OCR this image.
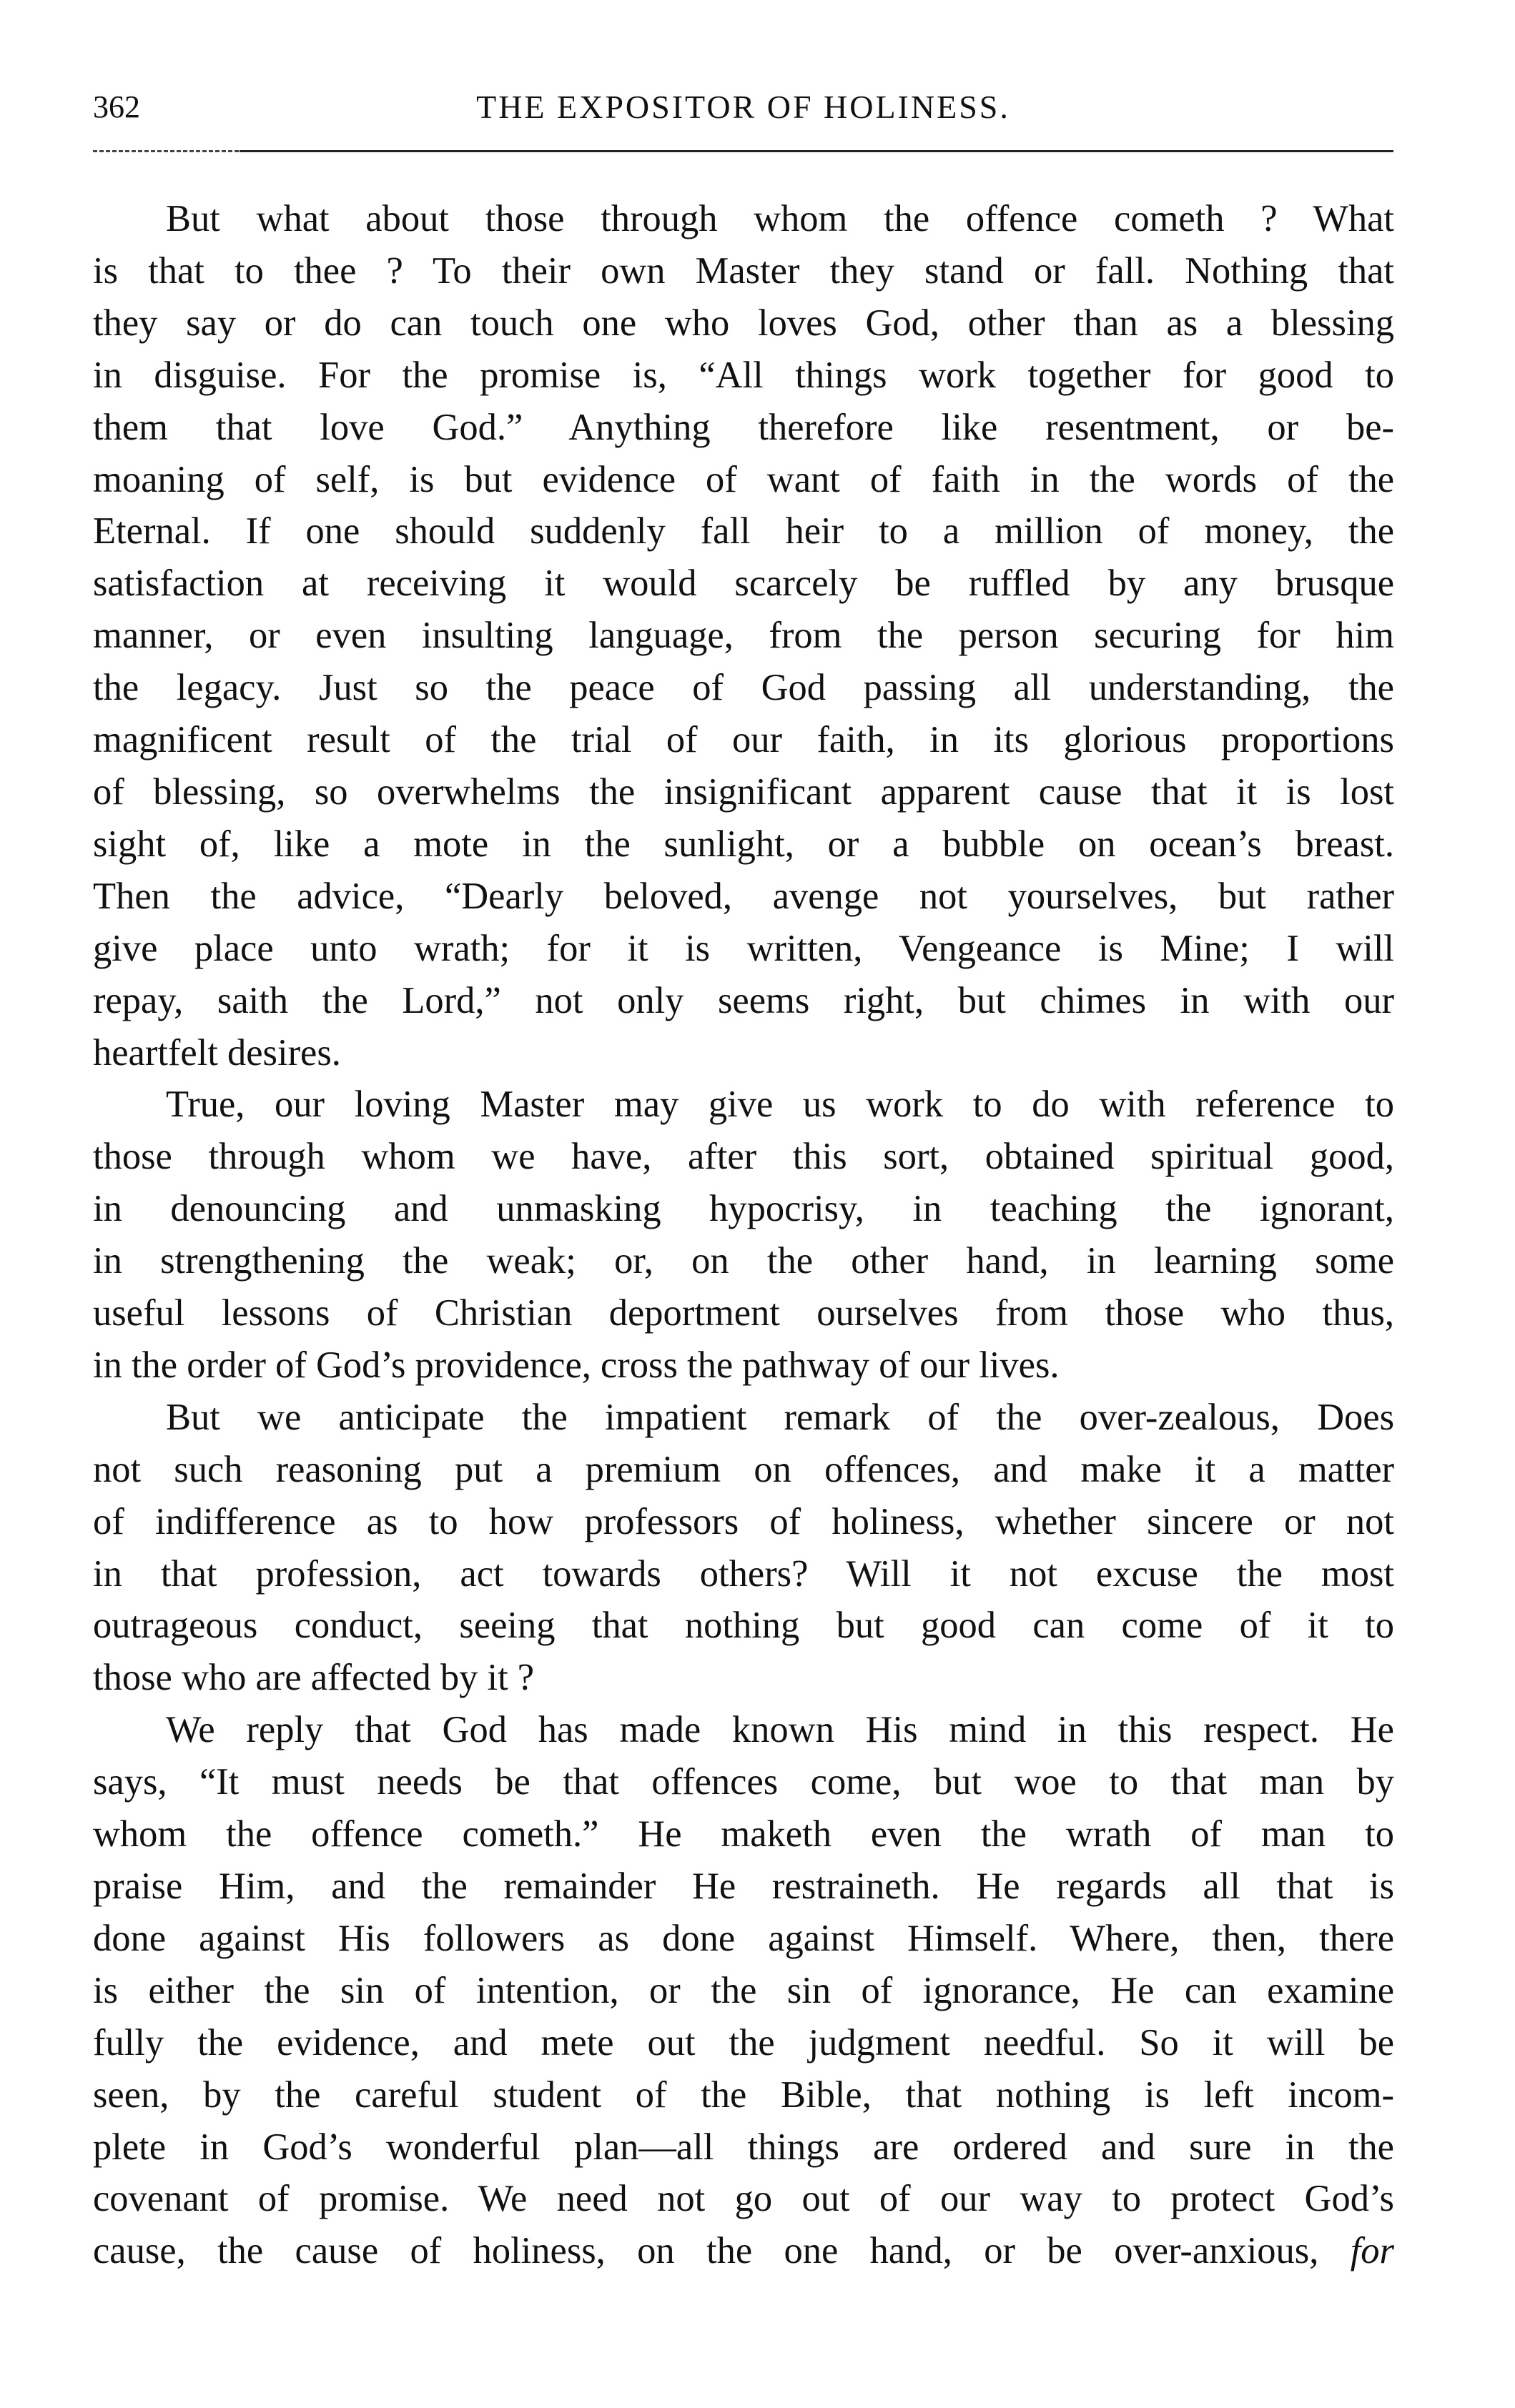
362	THE EXPOSITOR OF HOLINESS.
But what about those through whom the offence cometh ? What
is that to thee ? To their own Master they stand or fall. Nothing that
they say or do can touch one who loves God, other than as a blessing
in disguise. For the promise is, “All things work together for good to
them that love God.” Anything therefore like resentment, or be-
moaning of self, is but evidence of want of faith in the words of the
Eternal. If one should suddenly fall heir to a million of money, the
satisfaction at receiving it would scarcely be ruffled by any brusque
manner, or even insulting language, from the person securing for him
the legacy. Just so the peace of God passing all understanding, the
magnificent result of the trial of our faith, in its glorious proportions
of blessing, so overwhelms the insignificant apparent cause that it is lost
sight of, like a mote in the sunlight, or a bubble on ocean’s breast.
Then the advice, “Dearly beloved, avenge not yourselves, but rather
give place unto wrath; for it is written, Vengeance is Mine; I will
repay, saith the Lord,” not only seems right, but chimes in with our
heartfelt desires.
True, our loving Master may give us work to do with reference to
those through whom we have, after this sort, obtained spiritual good,
in denouncing and unmasking hypocrisy, in teaching the ignorant,
in strengthening the weak; or, on the other hand, in learning some
useful lessons of Christian deportment ourselves from those who thus,
in the order of God’s providence, cross the pathway of our lives.
But we anticipate the impatient remark of the over-zealous, Does
not such reasoning put a premium on offences, and make it a matter
of indifference as to how professors of holiness, whether sincere or not
in that profession, act towards others? Will it not excuse the most
outrageous conduct, seeing that nothing but good can come of it to
those who are affected by it ?
We reply that God has made known His mind in this respect. He
says, “It must needs be that offences come, but woe to that man by
whom the offence cometh.” He maketh even the wrath of man to
praise Him, and the remainder He restraineth. He regards all that is
done against His followers as done against Himself. Where, then, there
is either the sin of intention, or the sin of ignorance, He can examine
fully the evidence, and mete out the judgment needful. So it will be
seen, by the careful student of the Bible, that nothing is left incom-
plete in God’s wonderful plan—all things are ordered and sure in the
covenant of promise. We need not go out of our way to protect God’s
cause, the cause of holiness, on the one hand, or be over-anxious, for
